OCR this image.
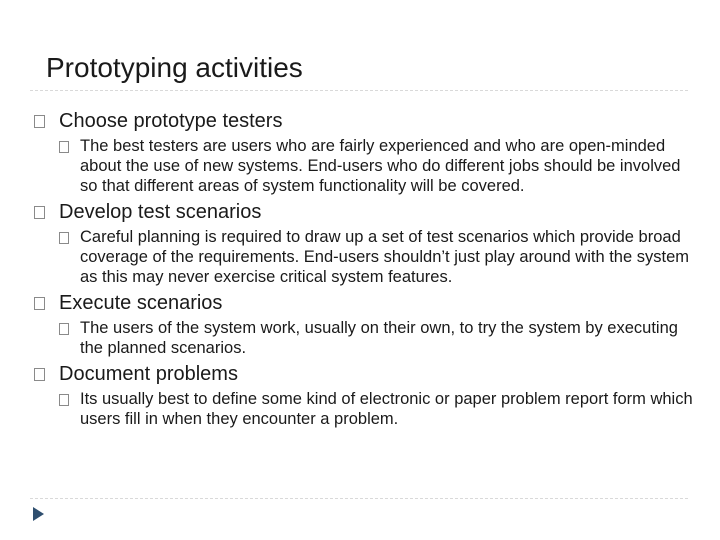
Prototyping activities
Choose prototype testers
The best testers are users who are fairly experienced and who are open-minded about the use of new systems. End-users who do different jobs should be involved so that different areas of system functionality will be covered.
Develop test scenarios
Careful planning is required to draw up a set of test scenarios which provide broad coverage of the requirements. End-users shouldn’t just play around with the system as this may never exercise critical system features.
Execute scenarios
The users of the system work, usually on their own, to try the system by executing the planned scenarios.
Document problems
Its usually best to define some kind of electronic or paper problem report form which users fill in when they encounter a problem.
